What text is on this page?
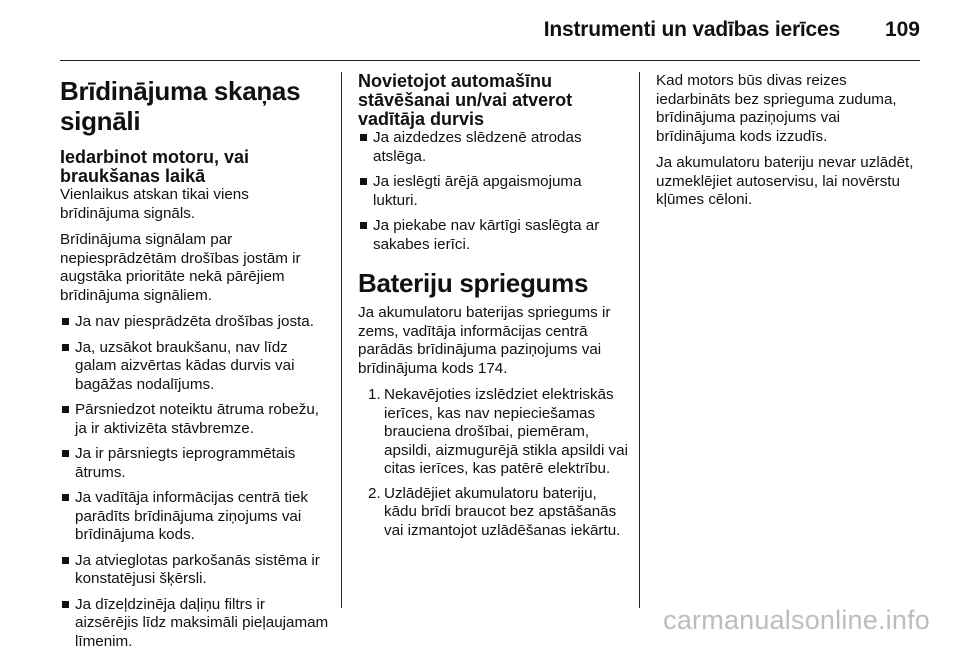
Instrumenti un vadības ierīces 109
Brīdinājuma skaņas signāli
Iedarbinot motoru, vai braukšanas laikā

Vienlaikus atskan tikai viens brīdinājuma signāls.

Brīdinājuma signālam par nepiesprādzētām drošības jostām ir augstāka prioritāte nekā pārējiem brīdinājuma signāliem.

Ja nav piesprādzēta drošības josta.
Ja, uzsākot braukšanu, nav līdz galam aizvērtas kādas durvis vai bagāžas nodalījums.
Pārsniedzot noteiktu ātruma robežu, ja ir aktivizēta stāvbremze.
Ja ir pārsniegts ieprogrammētais ātrums.
Ja vadītāja informācijas centrā tiek parādīts brīdinājuma ziņojums vai brīdinājuma kods.
Ja atvieglotas parkošanās sistēma ir konstatējusi šķērsli.
Ja dīzeļdzinēja daļiņu filtrs ir aizsērējis līdz maksimāli pieļaujamam līmenim.
Novietojot automašīnu stāvēšanai un/vai atverot vadītāja durvis
Ja aizdedzes slēdzenē atrodas atslēga.
Ja ieslēgti ārējā apgaismojuma lukturi.
Ja piekabe nav kārtīgi saslēgta ar sakabes ierīci.
Bateriju spriegums

Ja akumulatoru baterijas spriegums ir zems, vadītāja informācijas centrā parādās brīdinājuma paziņojums vai brīdinājuma kods 174.

1. Nekavējoties izslēdziet elektriskās ierīces, kas nav nepieciešamas brauciena drošībai, piemēram, apsildi, aizmugurējā stikla apsildi vai citas ierīces, kas patērē elektrību.
2. Uzlādējiet akumulatoru bateriju, kādu brīdi braucot bez apstāšanās vai izmantojot uzlādēšanas iekārtu.

Kad motors būs divas reizes iedarbināts bez sprieguma zuduma, brīdinājuma paziņojums vai brīdinājuma kods izzudīs.

Ja akumulatoru bateriju nevar uzlādēt, uzmeklējiet autoservisu, lai novērstu kļūmes cēloni.

carmanualsonline.info
